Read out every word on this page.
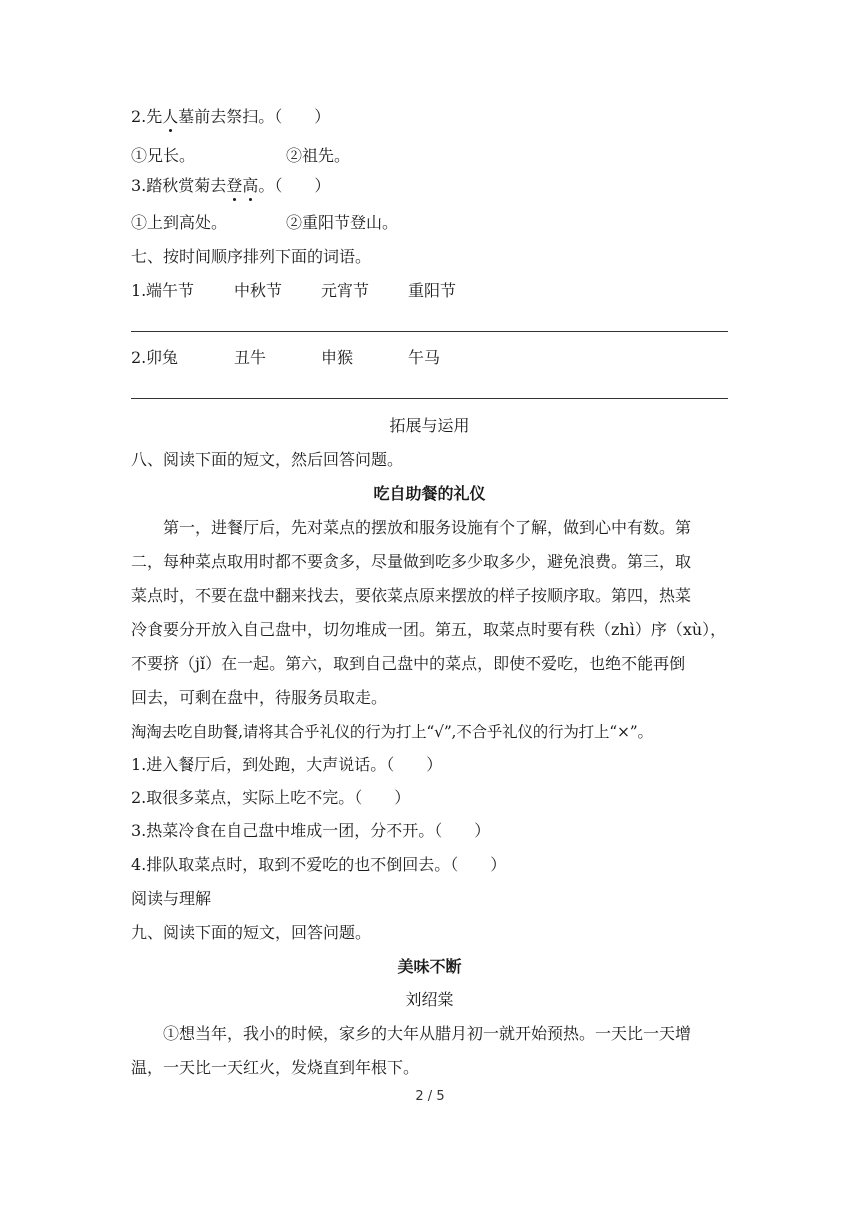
2.先人墓前去祭扫。（　　）
①兄长。	②祖先。
3.踏秋赏菊去登高。（　　）
①上到高处。	②重阳节登山。
七、按时间顺序排列下面的词语。
1. 端午节 中秋节 元宵节 重阳节
2. 卯兔	丑牛	申猴	午马
拓展与运用
八、阅读下面的短文，然后回答问题。
吃自助餐的礼仪
　　第一，进餐厅后，先对菜点的摆放和服务设施有个了解，做到心中有数。第
二，每种菜点取用时都不要贪多，尽量做到吃多少取多少，避免浪费。第三，取
菜点时，不要在盘中翻来找去，要依菜点原来摆放的样子按顺序取。第四，热菜
冷食要分开放入自己盘中，切勿堆成一团。第五，取菜点时要有秩（zhì）序（xù），
不要挤（jǐ）在一起。第六，取到自己盘中的菜点，即使不爱吃，也绝不能再倒
回去，可剩在盘中，待服务员取走。
淘淘去吃自助餐,请将其合乎礼仪的行为打上“√”,不合乎礼仪的行为打上“×”。
1.进入餐厅后，到处跑，大声说话。（　　）
2.取很多菜点，实际上吃不完。（　　）
3.热菜冷食在自己盘中堆成一团，分不开。（　　）
4.排队取菜点时，取到不爱吃的也不倒回去。（　　）
阅读与理解
九、阅读下面的短文，回答问题。
美味不断
刘绍棠
　　①想当年，我小的时候，家乡的大年从腊月初一就开始预热。一天比一天增
温，一天比一天红火，发烧直到年根下。
2 / 5
